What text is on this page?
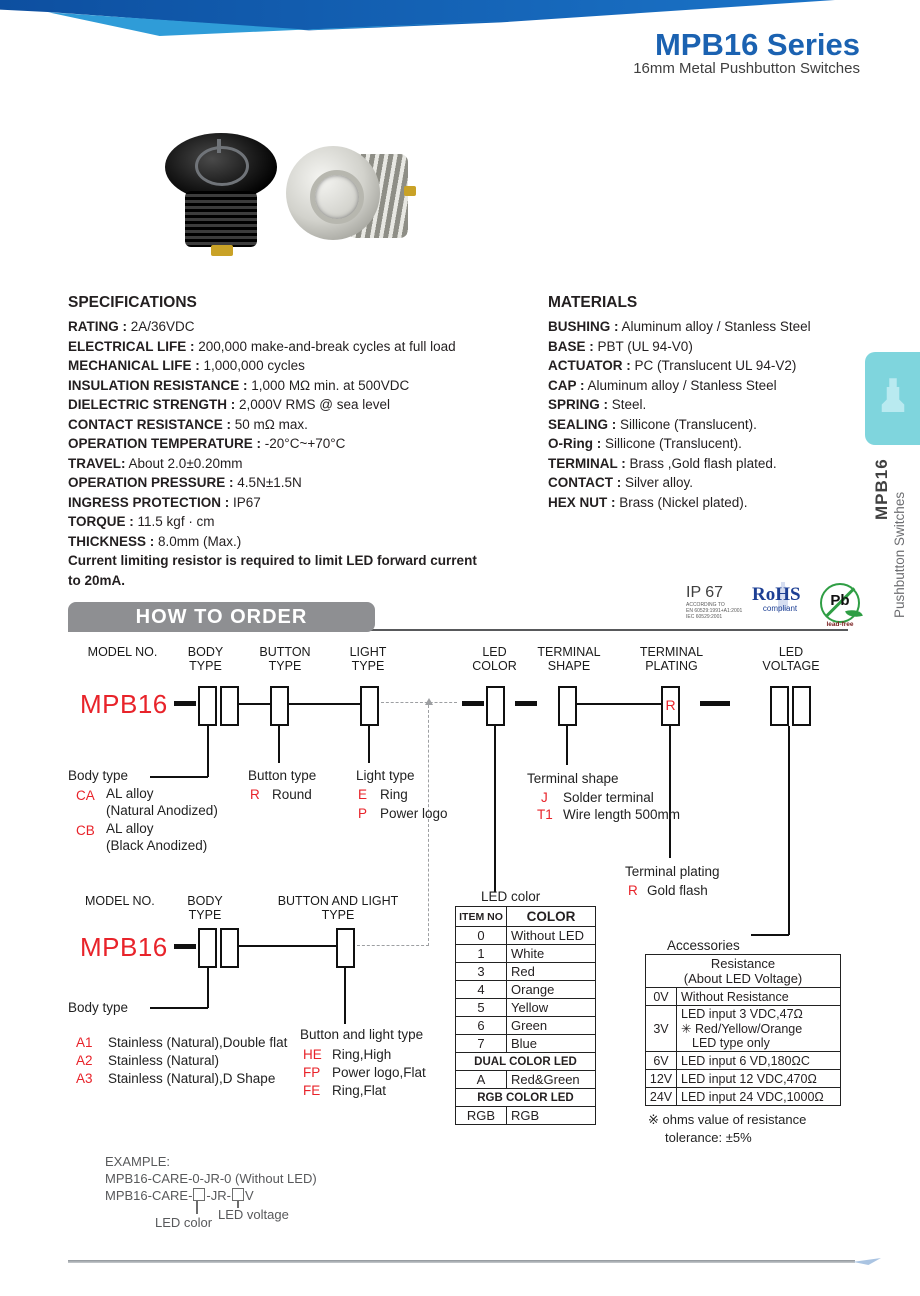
MPB16 Series
16mm Metal Pushbutton Switches
SPECIFICATIONS
RATING : 2A/36VDC
ELECTRICAL LIFE : 200,000 make-and-break cycles at full load
MECHANICAL LIFE : 1,000,000 cycles
INSULATION RESISTANCE : 1,000 MΩ min. at 500VDC
DIELECTRIC STRENGTH : 2,000V RMS @ sea level
CONTACT RESISTANCE : 50 mΩ max.
OPERATION TEMPERATURE : -20°C~+70°C
TRAVEL: About 2.0±0.20mm
OPERATION PRESSURE : 4.5N±1.5N
INGRESS PROTECTION : IP67
TORQUE : 11.5 kgf · cm
THICKNESS : 8.0mm (Max.)
Current limiting resistor is required to limit LED forward current
to 20mA.
MATERIALS
BUSHING : Aluminum alloy / Stanless Steel
BASE : PBT (UL 94-V0)
ACTUATOR : PC (Translucent UL 94-V2)
CAP : Aluminum alloy / Stanless Steel
SPRING : Steel.
SEALING : Sillicone (Translucent).
O-Ring : Sillicone (Translucent).
TERMINAL : Brass ,Gold flash plated.
CONTACT : Silver alloy.
HEX NUT : Brass (Nickel plated).	MPB16
Pushbutton Switches
IP 67
ACCORDING TO
EN 60529:1991+A1:2001
IEC 60529:2001
RoHS
compliant	Pb
lead-free
HOW TO ORDER
MODEL NO.	BODY
TYPE
BUTTON
TYPE
LIGHT
TYPE
LED
COLOR
TERMINAL
SHAPE
TERMINAL
PLATING
LED
VOLTAGE
MPB16	R
Body type
CA AL alloy
(Natural Anodized)
CB AL alloy
(Black Anodized)
Button type
R Round
Light type
E Ring
P Power logo
Terminal shape
J Solder terminal
T1 Wire length 500mm
Terminal plating
R Gold flash
MODEL NO.	BODY
TYPE
BUTTON AND LIGHT
TYPE
MPB16
Body type
A1 Stainless (Natural),Double flat
A2 Stainless (Natural)
A3 Stainless (Natural),D Shape
Button and light type
HE Ring,High
FP Power logo,Flat
FE Ring,Flat
LED color
ITEM NO	COLOR
0	Without LED
1	White
3	Red
4	Orange
5	Yellow
6	Green
7	Blue
DUAL COLOR LED	
A	Red&Green
RGB COLOR LED	
RGB	RGB
Accessories
Resistance
(About LED Voltage)	

0V	Without Resistance
3V	LED input 3 VDC,47Ω
✳ Red/Yellow/Orange
LED type only

6V	LED input 6 VD,180ΩC
12V	LED input 12 VDC,470Ω
24V	LED input 24 VDC,1000Ω
※ ohms value of resistance
tolerance: ±5%
EXAMPLE:
MPB16-CARE-0-JR-0 (Without LED)
MPB16-CARE- -JR- V
LED color
LED voltage
